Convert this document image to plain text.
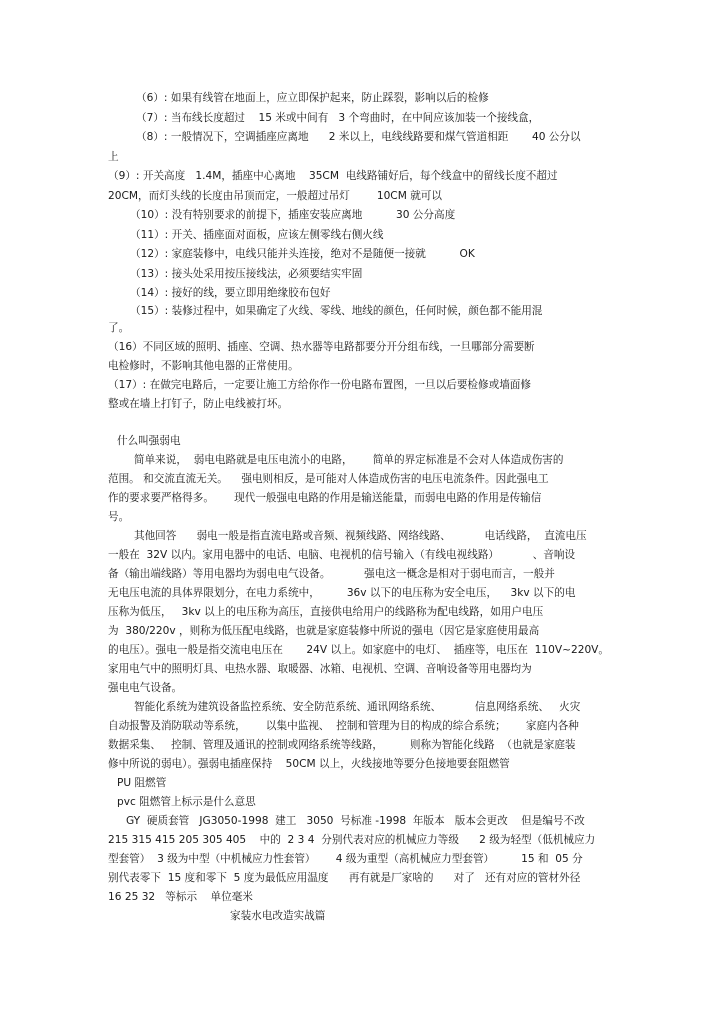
（6）: 如果有线管在地面上，应立即保护起来，防止踩裂，影响以后的检修
（7）: 当布线长度超过    15 米或中间有   3 个弯曲时，在中间应该加装一个接线盒，
（8）: 一般情况下，空调插座应离地      2 米以上，电线线路要和煤气管道相距       40 公分以
上
（9）: 开关高度   1.4M，插座中心离地    35CM  电线路铺好后，每个线盒中的留线长度不超过
20CM，而灯头线的长度由吊顶而定，一般超过吊灯        10CM 就可以
（10）: 没有特别要求的前提下，插座安装应离地          30 公分高度
（11）: 开关、插座面对面板，应该左侧零线右侧火线
（12）: 家庭装修中，电线只能并头连接，绝对不是随便一接就          OK
（13）: 接头处采用按压接线法，必须要结实牢固
（14）: 接好的线，要立即用绝缘胶布包好
（15）: 装修过程中，如果确定了火线、零线、地线的颜色，任何时候，颜色都不能用混
了。
（16）不同区域的照明、插座、空调、热水器等电路都要分开分组布线，一旦哪部分需要断
电检修时，不影响其他电器的正常使用。
（17）: 在做完电路后，一定要让施工方给你作一份电路布置图，一旦以后要检修或墙面修
整或在墙上打钉子，防止电线被打坏。
什么叫强弱电
简单来说，  弱电电路就是电压电流小的电路，      简单的界定标准是不会对人体造成伤害的
范围。 和交流直流无关。    强电则相反，是可能对人体造成伤害的电压电流条件。因此强电工
作的要求要严格得多。      现代一般强电电路的作用是输送能量，而弱电电路的作用是传输信
号。
其他回答      弱电一般是指直流电路或音频、视频线路、网络线路、          电话线路，  直流电压
一般在  32V 以内。家用电器中的电话、电脑、电视机的信号输入（有线电视线路）          、音响设
备（输出端线路）等用电器均为弱电电气设备。          强电这一概念是相对于弱电而言，一般并
无电压电流的具体界限划分，在电力系统中，        36v 以下的电压称为安全电压，    3kv 以下的电
压称为低压，   3kv 以上的电压称为高压，直接供电给用户的线路称为配电线路，如用户电压
为  380/220v ，则称为低压配电线路，也就是家庭装修中所说的强电（因它是家庭使用最高
的电压）。强电一般是指交流电电压在       24V 以上。如家庭中的电灯、  插座等，电压在  110V~220V。
家用电气中的照明灯具、电热水器、取暖器、冰箱、电视机、空调、音响设备等用电器均为
强电电气设备。
智能化系统为建筑设备监控系统、安全防范系统、通讯网络系统、          信息网络系统、   火灾
自动报警及消防联动等系统，      以集中监视、  控制和管理为目的构成的综合系统；      家庭内各种
数据采集、   控制、管理及通讯的控制或网络系统等线路，        则称为智能化线路  （也就是家庭装
修中所说的弱电）。强弱电插座保持    50CM 以上，火线接地等要分色接地要套阻燃管
PU 阻燃管
pvc 阻燃管上标示是什么意思
GY  硬质套管   JG3050-1998  建工   3050  号标准 -1998  年版本   版本会更改    但是编号不改
215 315 415 205 305 405    中的  2 3 4  分别代表对应的机械应力等级      2 级为轻型（低机械应力
型套管）  3 级为中型（中机械应力性套管）      4 级为重型（高机械应力型套管）        15 和  05 分
别代表零下  15 度和零下  5 度为最低应用温度      再有就是厂家啥的      对了   还有对应的管材外径
16 25 32   等标示    单位毫米
家装水电改造实战篇
